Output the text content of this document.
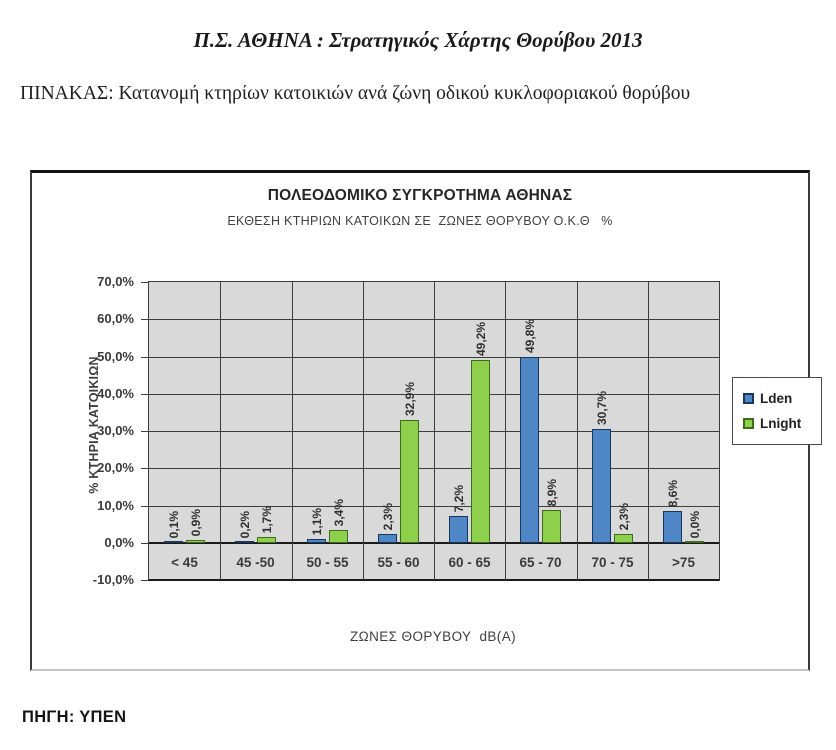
Π.Σ. ΑΘΗΝΑ : Στρατηγικός Χάρτης Θορύβου 2013
ΠΙΝΑΚΑΣ: Κατανομή κτηρίων κατοικιών ανά ζώνη οδικού κυκλοφοριακού θορύβου
ΠΟΛΕΟΔΟΜΙΚΟ ΣΥΓΚΡΟΤΗΜΑ ΑΘΗΝΑΣ
ΕΚΘΕΣΗ ΚΤΗΡΙΩΝ ΚΑΤΟΙΚΩΝ ΣΕ  ΖΩΝΕΣ ΘΟΡΥΒΟΥ Ο.Κ.Θ   %
% ΚΤΗΡΙΑ ΚΑΤΟΙΚΙΩΝ
70,0%
60,0%
50,0%
40,0%
30,0%
20,0%
10,0%
0,0%
-10,0%
< 45	45 -50	50 - 55	55 - 60	60 - 65	65 - 70	70 - 75	>75
0,1%	0,2%	1,1%	2,3%
7,2%
49,8%
30,7%
8,6%
0,9%	1,7%	3,4%
32,9%
49,2%
8,9%
2,3%	0,0%
Lden
Lnight
ΖΩΝΕΣ ΘΟΡΥΒΟΥ  dB(A)
ΠΗΓΗ: ΥΠΕΝ
